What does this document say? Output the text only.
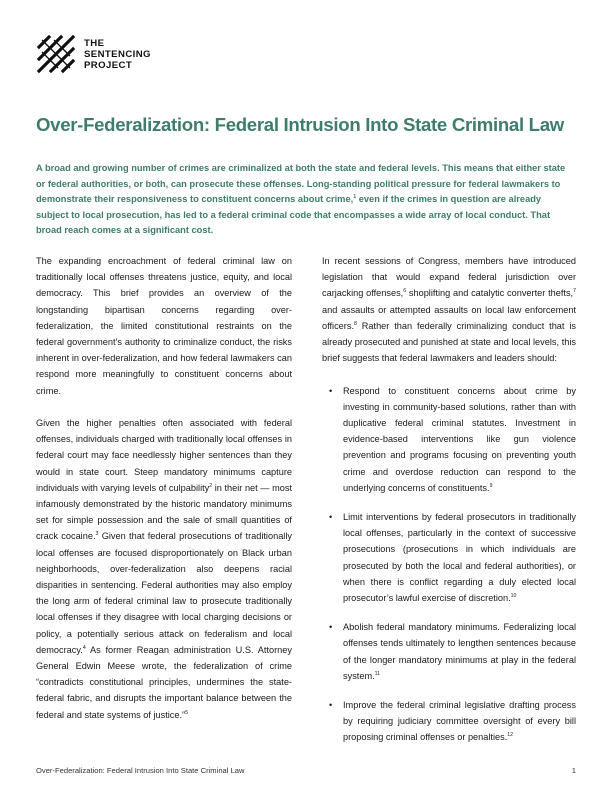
THE
SENTENCING
PROJECT
Over-Federalization: Federal Intrusion Into State Criminal Law

A broad and growing number of crimes are criminalized at both the state and federal levels. This means that either state or federal authorities, or both, can prosecute these offenses. Long-standing political pressure for federal lawmakers to demonstrate their responsiveness to constituent concerns about crime,$^1$ even if the crimes in question are already subject to local prosecution, has led to a federal criminal code that encompasses a wide array of local conduct. That broad reach comes at a significant cost.

The expanding encroachment of federal criminal law on traditionally local offenses threatens justice, equity, and local democracy. This brief provides an overview of the longstanding bipartisan concerns regarding over-federalization, the limited constitutional restraints on the federal government’s authority to criminalize conduct, the risks inherent in over-federalization, and how federal lawmakers can respond more meaningfully to constituent concerns about crime.

Given the higher penalties often associated with federal offenses, individuals charged with traditionally local offenses in federal court may face needlessly higher sentences than they would in state court. Steep mandatory minimums capture individuals with varying levels of culpability$^2$ in their net — most infamously demonstrated by the historic mandatory minimums set for simple possession and the sale of small quantities of crack cocaine.$^3$ Given that federal prosecutions of traditionally local offenses are focused disproportionately on Black urban neighborhoods, over-federalization also deepens racial disparities in sentencing. Federal authorities may also employ the long arm of federal criminal law to prosecute traditionally local offenses if they disagree with local charging decisions or policy, a potentially serious attack on federalism and local democracy.$^4$ As former Reagan administration U.S. Attorney General Edwin Meese wrote, the federalization of crime “contradicts constitutional principles, undermines the state-federal fabric, and disrupts the important balance between the federal and state systems of justice.”$^5$

In recent sessions of Congress, members have introduced legislation that would expand federal jurisdiction over carjacking offenses,$^6$ shoplifting and catalytic converter thefts,$^7$ and assaults or attempted assaults on local law enforcement officers.$^8$ Rather than federally criminalizing conduct that is already prosecuted and punished at state and local levels, this brief suggests that federal lawmakers and leaders should:

• Respond to constituent concerns about crime by investing in community-based solutions, rather than with duplicative federal criminal statutes. Investment in evidence-based interventions like gun violence prevention and programs focusing on preventing youth crime and overdose reduction can respond to the underlying concerns of constituents.$^9$
• Limit interventions by federal prosecutors in traditionally local offenses, particularly in the context of successive prosecutions (prosecutions in which individuals are prosecuted by both the local and federal authorities), or when there is conflict regarding a duly elected local prosecutor’s lawful exercise of discretion.$^{10}$
• Abolish federal mandatory minimums. Federalizing local offenses tends ultimately to lengthen sentences because of the longer mandatory minimums at play in the federal system.$^{11}$
• Improve the federal criminal legislative drafting process by requiring judiciary committee oversight of every bill proposing criminal offenses or penalties.$^{12}$
Over-Federalization: Federal Intrusion Into State Criminal Law	1
